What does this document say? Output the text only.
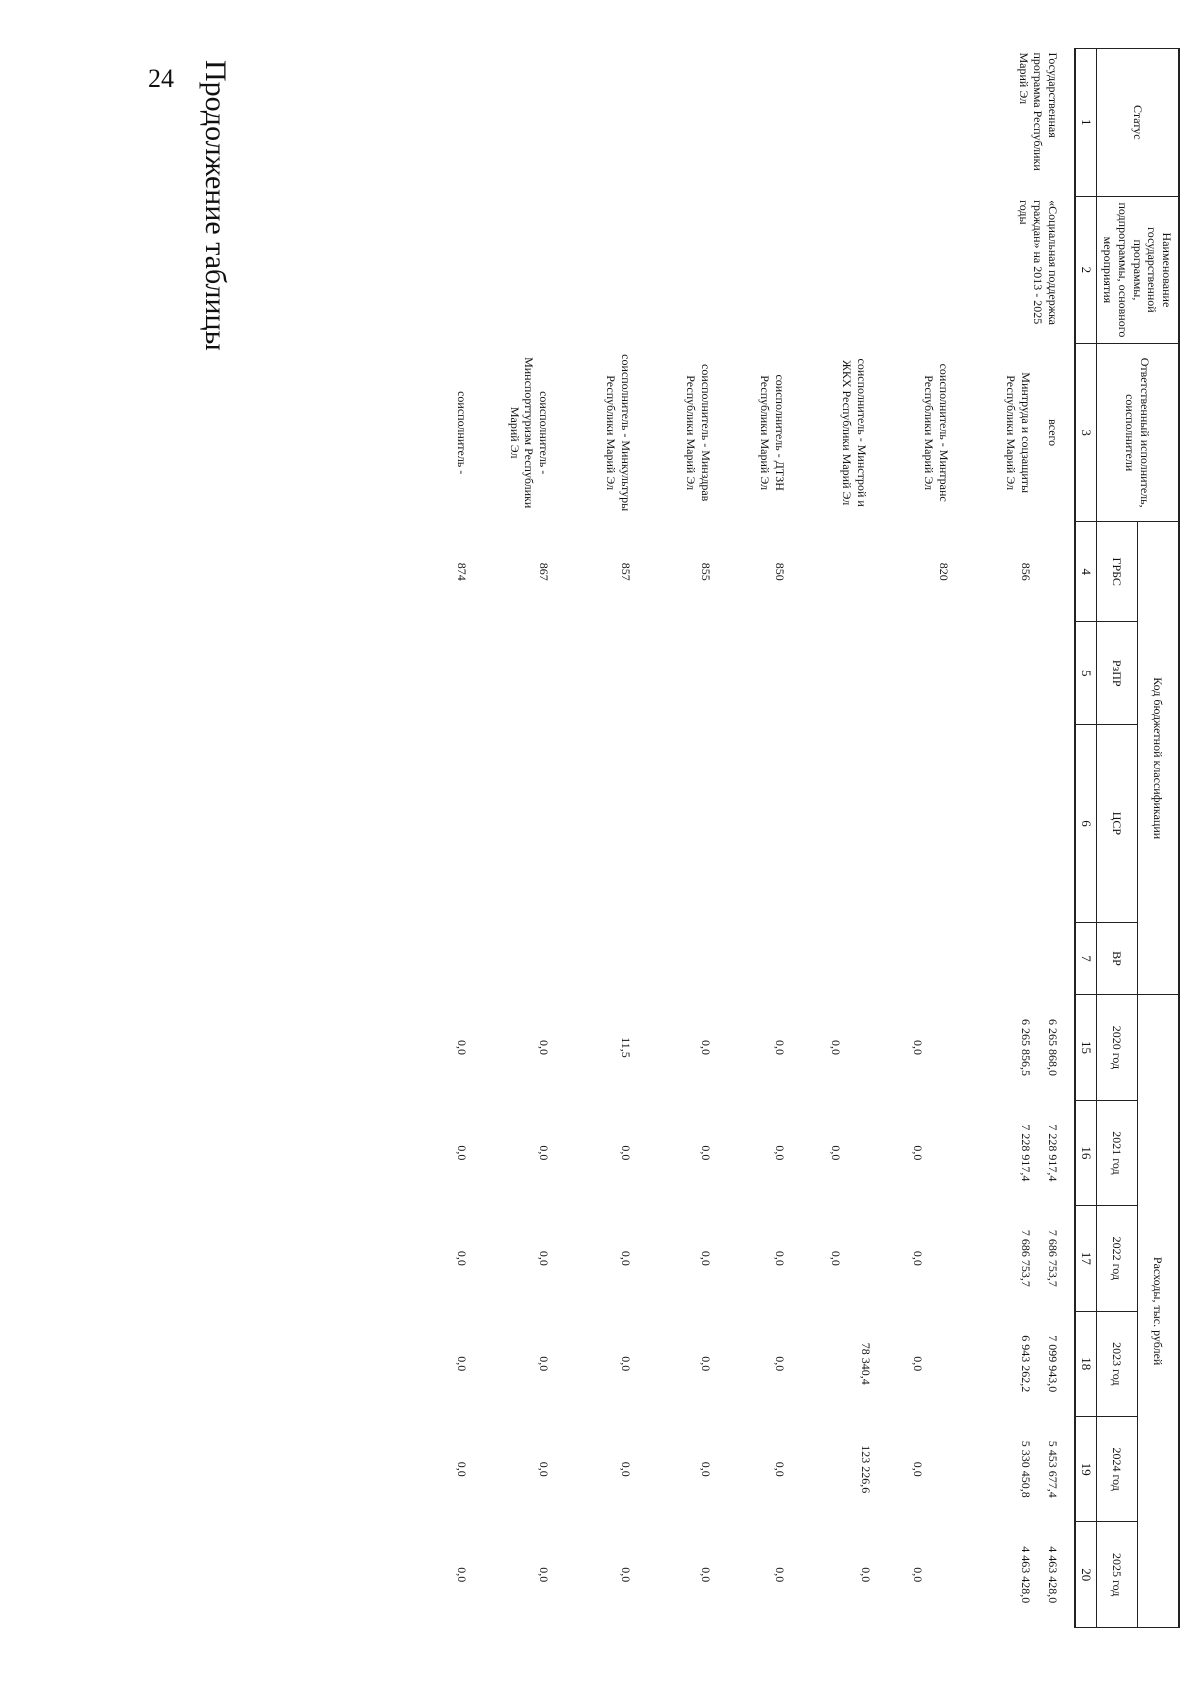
24 Продолжение таблицы	Статус	Наименование государственной программы, подпрограммы, основного мероприятия	Ответственный исполнитель, соисполнители	Код бюджетной классификации				Расходы, тыс. рублей					
			ГРБС	РзПР	ЦСР	ВР	2020 год	2021 год	2022 год	2023 год	2024 год	2025 год
1	2	3	4	5	6	7	15	16	17	18	19	20
Государственная программа Республики Марий Эл	«Социальная поддержка граждан» на 2013 - 2025 годы	всего					6 265 868,0	7 228 917,4	7 686 753,7	7 099 943,0	5 453 677,4	4 463 428,0
		Минтруда и соцзащиты Республики Марий Эл	856				6 265 856,5	7 228 917,4	7 686 753,7	6 943 262,2	5 330 450,8	4 463 428,0
		соисполнитель - Минтранс Республики Марий Эл	820				0,0	0,0	0,0	0,0	0,0	0,0
		соисполнитель - Минстрой и ЖКХ Республики Марий Эл					0,0	0,0	0,0	78 340,4	123 226,6	0,0
		соисполнитель - ДТЗН Республики Марий Эл	850				0,0	0,0	0,0	0,0	0,0	0,0
		соисполнитель - Минздрав Республики Марий Эл	855				0,0	0,0	0,0	0,0	0,0	0,0
		соисполнитель - Минкультуры Республики Марий Эл	857				11,5	0,0	0,0	0,0	0,0	0,0
		соисполнитель - Минспорттуризм Республики Марий Эл	867				0,0	0,0	0,0	0,0	0,0	0,0
		соисполнитель -	874				0,0	0,0	0,0	0,0	0,0	0,0
